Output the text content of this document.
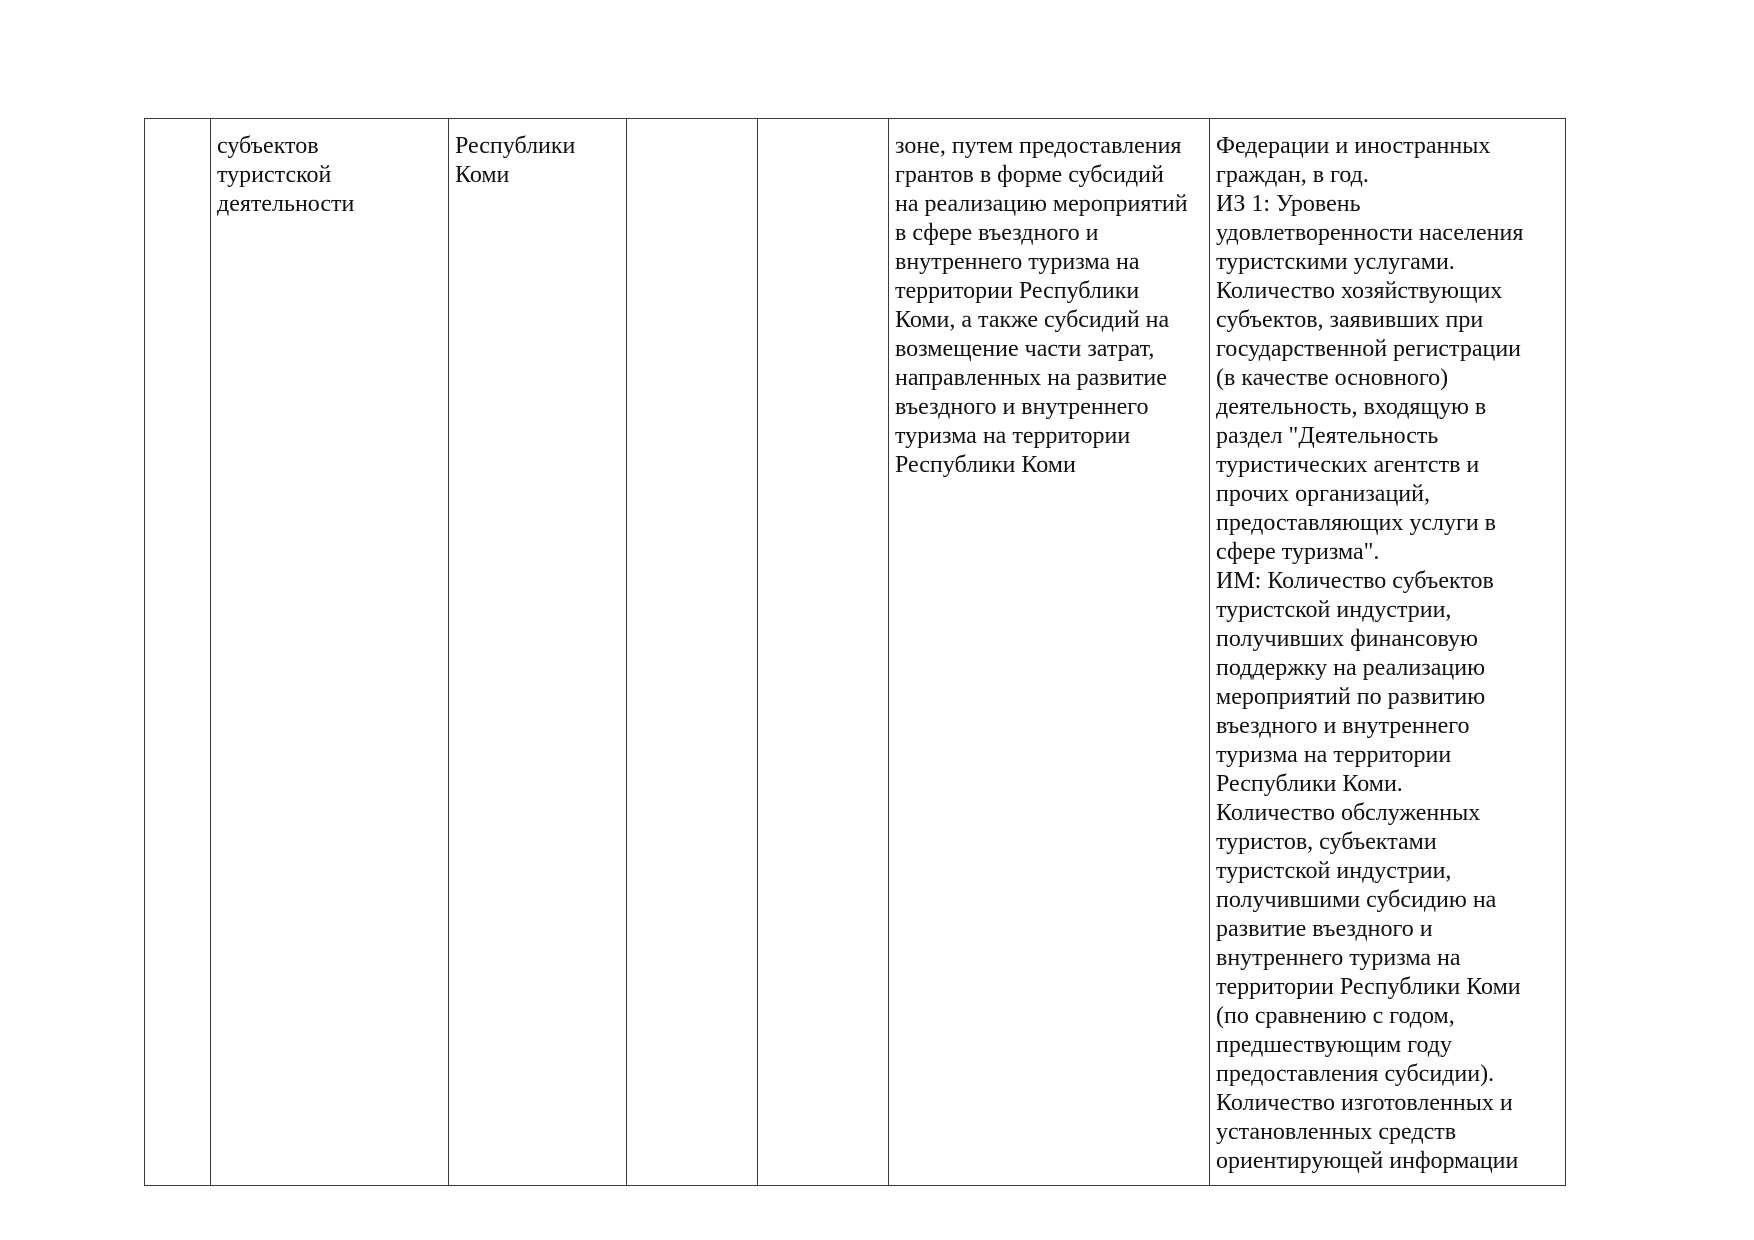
	субъектов
туристской
деятельности	Республики
Коми			зоне, путем предоставления
грантов в форме субсидий
на реализацию мероприятий
в сфере въездного и
внутреннего туризма на
территории Республики
Коми, а также субсидий на
возмещение части затрат,
направленных на развитие
въездного и внутреннего
туризма на территории
Республики Коми	Федерации и иностранных
граждан, в год.
ИЗ 1: Уровень
удовлетворенности населения
туристскими услугами.
Количество хозяйствующих
субъектов, заявивших при
государственной регистрации
(в качестве основного)
деятельность, входящую в
раздел "Деятельность
туристических агентств и
прочих организаций,
предоставляющих услуги в
сфере туризма".
ИМ: Количество субъектов
туристской индустрии,
получивших финансовую
поддержку на реализацию
мероприятий по развитию
въездного и внутреннего
туризма на территории
Республики Коми.
Количество обслуженных
туристов, субъектами
туристской индустрии,
получившими субсидию на
развитие въездного и
внутреннего туризма на
территории Республики Коми
(по сравнению с годом,
предшествующим году
предоставления субсидии).
Количество изготовленных и
установленных средств
ориентирующей информации
